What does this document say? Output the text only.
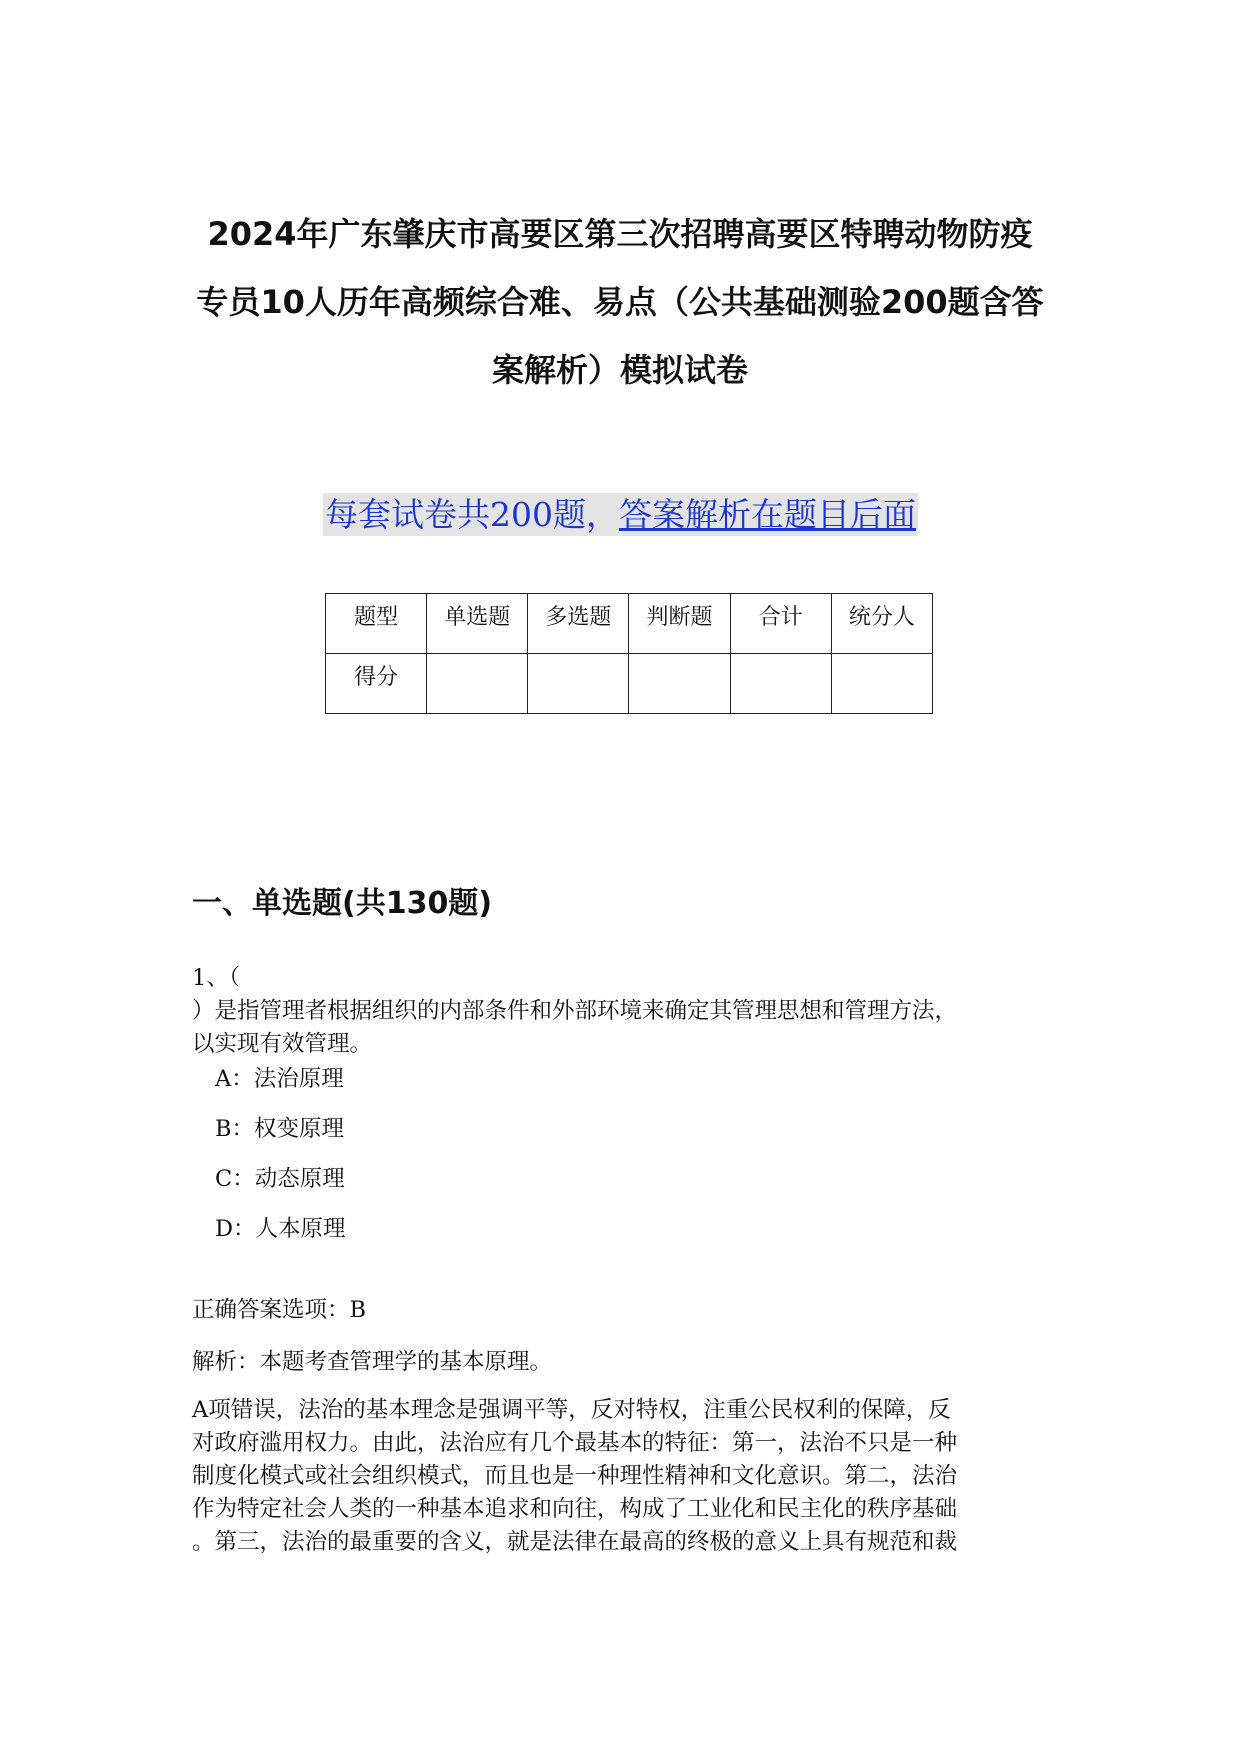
2024年广东肇庆市高要区第三次招聘高要区特聘动物防疫
专员10人历年高频综合难、易点（公共基础测验200题含答
案解析）模拟试卷

每套试卷共200题，答案解析在题目后面

题型	单选题	多选题	判断题	合计	统分人
得分					
一、单选题(共130题)
1、（
）是指管理者根据组织的内部条件和外部环境来确定其管理思想和管理方法，
以实现有效管理。
A：法治原理
B：权变原理
C：动态原理
D：人本原理
正确答案选项：B
解析：本题考查管理学的基本原理。
A项错误，法治的基本理念是强调平等，反对特权，注重公民权利的保障，反
对政府滥用权力。由此，法治应有几个最基本的特征：第一，法治不只是一种
制度化模式或社会组织模式，而且也是一种理性精神和文化意识。第二，法治
作为特定社会人类的一种基本追求和向往，构成了工业化和民主化的秩序基础
。第三，法治的最重要的含义，就是法律在最高的终极的意义上具有规范和裁
